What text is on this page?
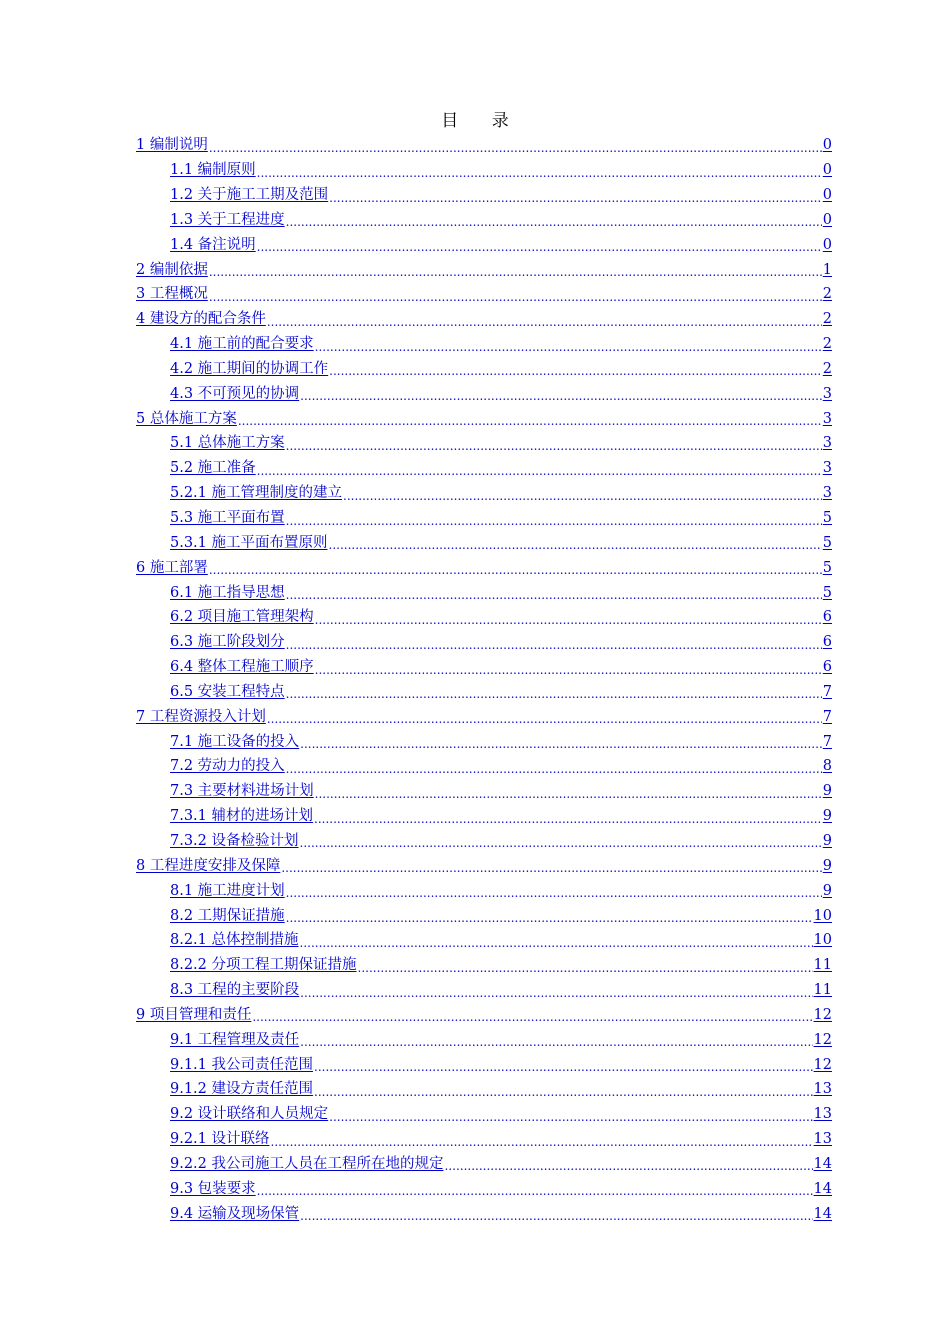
目 录
1 编制说明 .....	0
1.1 编制原则 .....	0
1.2 关于施工工期及范围 .....	0
1.3 关于工程进度 .....	0
1.4 备注说明 .....	0
2 编制依据 .....	1
3 工程概况 .....	2
4 建设方的配合条件 .....	2
4.1 施工前的配合要求 .....	2
4.2 施工期间的协调工作 .....	2
4.3 不可预见的协调 .....	3
5 总体施工方案 .....	3
5.1 总体施工方案 .....	3
5.2 施工准备 .....	3
5.2.1 施工管理制度的建立 .....	3
5.3 施工平面布置 .....	5
5.3.1 施工平面布置原则 .....	5
6 施工部署 .....	5
6.1 施工指导思想 .....	5
6.2 项目施工管理架构 .....	6
6.3 施工阶段划分 .....	6
6.4 整体工程施工顺序 .....	6
6.5 安装工程特点 .....	7
7 工程资源投入计划 .....	7
7.1 施工设备的投入 .....	7
7.2 劳动力的投入 .....	8
7.3 主要材料进场计划 .....	9
7.3.1 辅材的进场计划 .....	9
7.3.2 设备检验计划 .....	9
8 工程进度安排及保障 .....	9
8.1 施工进度计划 .....	9
8.2 工期保证措施 .....	10
8.2.1 总体控制措施 .....	10
8.2.2 分项工程工期保证措施 .....	11
8.3 工程的主要阶段 .....	11
9 项目管理和责任 .....	12
9.1 工程管理及责任 .....	12
9.1.1 我公司责任范围 .....	12
9.1.2 建设方责任范围 .....	13
9.2 设计联络和人员规定 .....	13
9.2.1 设计联络 .....	13
9.2.2 我公司施工人员在工程所在地的规定 .....	14
9.3 包装要求 .....	14
9.4 运输及现场保管 .....	14
